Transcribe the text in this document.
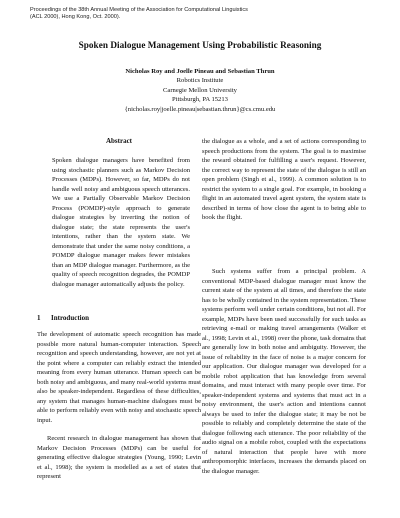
Proceedings of the 38th Annual Meeting of the Association for Computational Linguistics
(ACL 2000), Hong Kong, Oct. 2000).
Spoken Dialogue Management Using Probabilistic Reasoning
Nicholas Roy and Joelle Pineau and Sebastian Thrun
Robotics Institute
Carnegie Mellon University
Pittsburgh, PA 15213
{nicholas.roy|joelle.pineau|sebastian.thrun}@cs.cmu.edu
Abstract

Spoken dialogue managers have benefited from using stochastic planners such as Markov Decision Processes (MDPs). However, so far, MDPs do not handle well noisy and ambiguous speech utterances. We use a Partially Observable Markov Decision Process (POMDP)-style approach to generate dialogue strategies by inverting the notion of dialogue state; the state represents the user's intentions, rather than the system state. We demonstrate that under the same noisy conditions, a POMDP dialogue manager makes fewer mistakes than an MDP dialogue manager. Furthermore, as the quality of speech recognition degrades, the POMDP dialogue manager automatically adjusts the policy.

1 Introduction

The development of automatic speech recognition has made possible more natural human-computer interaction. Speech recognition and speech understanding, however, are not yet at the point where a computer can reliably extract the intended meaning from every human utterance. Human speech can be both noisy and ambiguous, and many real-world systems must also be speaker-independent. Regardless of these difficulties, any system that manages human-machine dialogues must be able to perform reliably even with noisy and stochastic speech input.

Recent research in dialogue management has shown that Markov Decision Processes (MDPs) can be useful for generating effective dialogue strategies (Young, 1990; Levin et al., 1998); the system is modelled as a set of states that represent

the dialogue as a whole, and a set of actions corresponding to speech productions from the system. The goal is to maximise the reward obtained for fulfilling a user's request. However, the correct way to represent the state of the dialogue is still an open problem (Singh et al., 1999). A common solution is to restrict the system to a single goal. For example, in booking a flight in an automated travel agent system, the system state is described in terms of how close the agent is to being able to book the flight.

Such systems suffer from a principal problem. A conventional MDP-based dialogue manager must know the current state of the system at all times, and therefore the state has to be wholly contained in the system representation. These systems perform well under certain conditions, but not all. For example, MDPs have been used successfully for such tasks as retrieving e-mail or making travel arrangements (Walker et al., 1998; Levin et al., 1998) over the phone, task domains that are generally low in both noise and ambiguity. However, the issue of reliability in the face of noise is a major concern for our application. Our dialogue manager was developed for a mobile robot application that has knowledge from several domains, and must interact with many people over time. For speaker-independent systems and systems that must act in a noisy environment, the user's action and intentions cannot always be used to infer the dialogue state; it may be not be possible to reliably and completely determine the state of the dialogue following each utterance. The poor reliability of the audio signal on a mobile robot, coupled with the expectations of natural interaction that people have with more anthropomorphic interfaces, increases the demands placed on the dialogue manager.
